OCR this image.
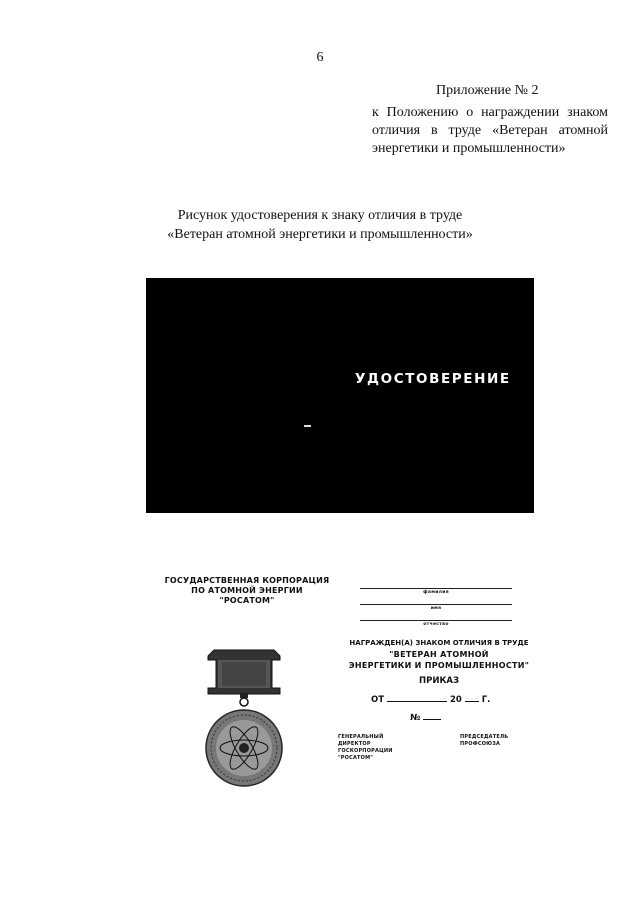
6
Приложение № 2
к Положению о награждении знаком отличия в труде «Ветеран атомной энергетики и промышленности»
Рисунок удостоверения к знаку отличия в труде
«Ветеран атомной энергетики и промышленности»
УДОСТОВЕРЕНИЕ
ГОСУДАРСТВЕННАЯ КОРПОРАЦИЯ
ПО АТОМНОЙ ЭНЕРГИИ
"РОСАТОМ"
фамилия
имя
отчество
НАГРАЖДЕН(А) ЗНАКОМ ОТЛИЧИЯ В ТРУДЕ
"ВЕТЕРАН АТОМНОЙ
ЭНЕРГЕТИКИ И ПРОМЫШЛЕННОСТИ"
ПРИКАЗ
ОТ	20 Г.
№
ГЕНЕРАЛЬНЫЙ
ДИРЕКТОР
ГОСКОРПОРАЦИИ
"РОСАТОМ"
ПРЕДСЕДАТЕЛЬ
ПРОФСОЮЗА
